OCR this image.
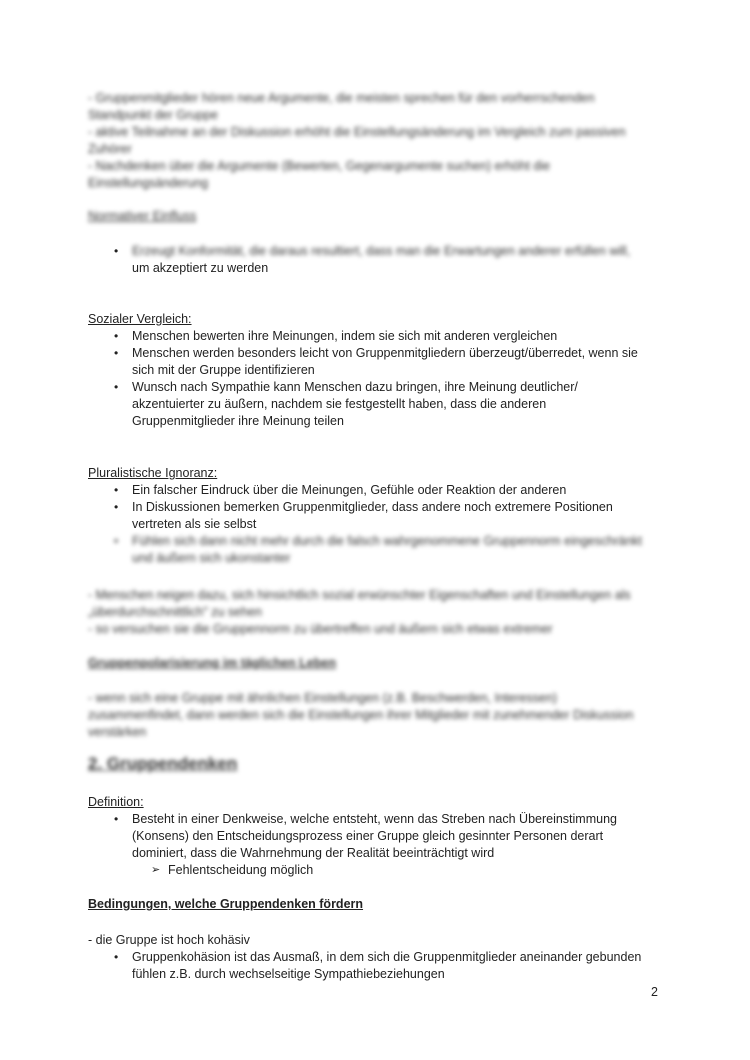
- Gruppenmitglieder hören neue Argumente, die meisten sprechen für den vorherrschenden
Standpunkt der Gruppe
- aktive Teilnahme an der Diskussion erhöht die Einstellungsänderung im Vergleich zum passiven
Zuhörer
- Nachdenken über die Argumente (Bewerten, Gegenargumente suchen) erhöht die
Einstellungsänderung
Normativer Einfluss
• Erzeugt Konformität, die daraus resultiert, dass man die Erwartungen anderer erfüllen will,
um akzeptiert zu werden
Sozialer Vergleich:
• Menschen bewerten ihre Meinungen, indem sie sich mit anderen vergleichen
• Menschen werden besonders leicht von Gruppenmitgliedern überzeugt/überredet, wenn sie
sich mit der Gruppe identifizieren
• Wunsch nach Sympathie kann Menschen dazu bringen, ihre Meinung deutlicher/
akzentuierter zu äußern, nachdem sie festgestellt haben, dass die anderen
Gruppenmitglieder ihre Meinung teilen
Pluralistische Ignoranz:
• Ein falscher Eindruck über die Meinungen, Gefühle oder Reaktion der anderen
• In Diskussionen bemerken Gruppenmitglieder, dass andere noch extremere Positionen
vertreten als sie selbst
• Fühlen sich dann nicht mehr durch die falsch wahrgenommene Gruppennorm eingeschränkt
und äußern sich ukonstanter
- Menschen neigen dazu, sich hinsichtlich sozial erwünschter Eigenschaften und Einstellungen als
„überdurchschnittlich" zu sehen
- so versuchen sie die Gruppennorm zu übertreffen und äußern sich etwas extremer
Gruppenpolarisierung im täglichen Leben
- wenn sich eine Gruppe mit ähnlichen Einstellungen (z.B. Beschwerden, Interessen)
zusammenfindet, dann werden sich die Einstellungen ihrer Mitglieder mit zunehmender Diskussion
verstärken
2. Gruppendenken
Definition:
• Besteht in einer Denkweise, welche entsteht, wenn das Streben nach Übereinstimmung
(Konsens) den Entscheidungsprozess einer Gruppe gleich gesinnter Personen derart
dominiert, dass die Wahrnehmung der Realität beeinträchtigt wird
➢ Fehlentscheidung möglich
Bedingungen, welche Gruppendenken fördern
- die Gruppe ist hoch kohäsiv
• Gruppenkohäsion ist das Ausmaß, in dem sich die Gruppenmitglieder aneinander gebunden
fühlen z.B. durch wechselseitige Sympathiebeziehungen
2
